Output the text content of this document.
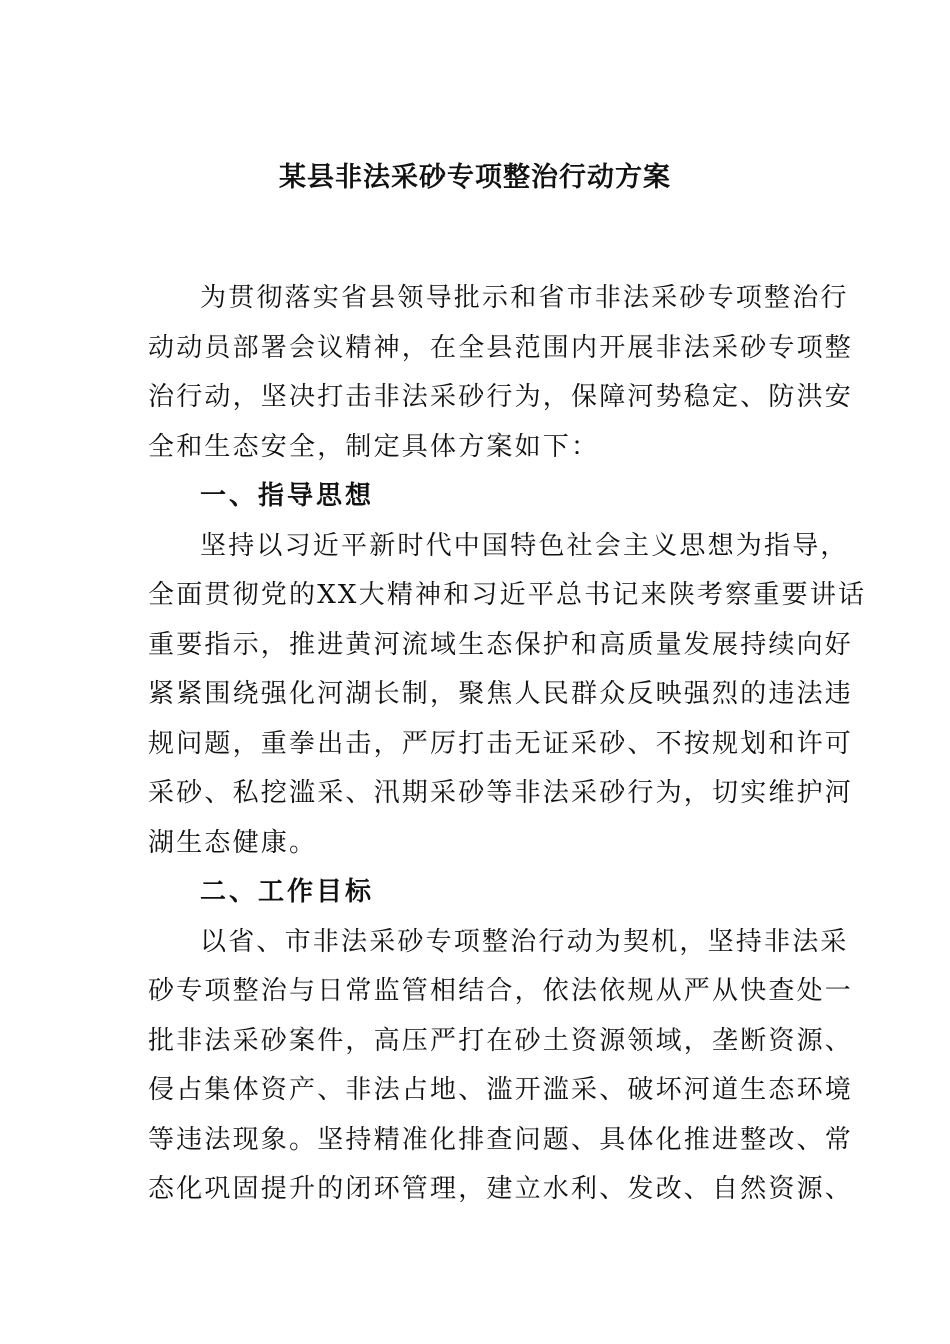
某县非法采砂专项整治行动方案
为贯彻落实省县领导批示和省市非法采砂专项整治行
动动员部署会议精神，在全县范围内开展非法采砂专项整
治行动，坚决打击非法采砂行为，保障河势稳定、防洪安
全和生态安全，制定具体方案如下：
一、指导思想
坚持以习近平新时代中国特色社会主义思想为指导，
全面贯彻党的XX大精神和习近平总书记来陕考察重要讲话
重要指示，推进黄河流域生态保护和高质量发展持续向好
紧紧围绕强化河湖长制，聚焦人民群众反映强烈的违法违
规问题，重拳出击，严厉打击无证采砂、不按规划和许可
采砂、私挖滥采、汛期采砂等非法采砂行为，切实维护河
湖生态健康。
二、工作目标
以省、市非法采砂专项整治行动为契机，坚持非法采
砂专项整治与日常监管相结合，依法依规从严从快查处一
批非法采砂案件，高压严打在砂土资源领域，垄断资源、
侵占集体资产、非法占地、滥开滥采、破坏河道生态环境
等违法现象。坚持精准化排查问题、具体化推进整改、常
态化巩固提升的闭环管理，建立水利、发改、自然资源、
